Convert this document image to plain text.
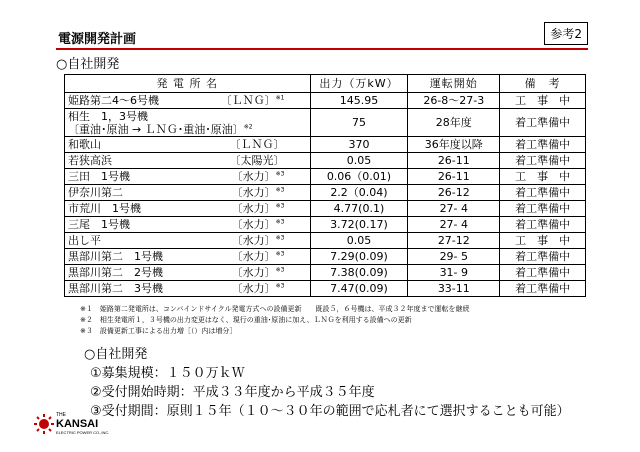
電源開発計画	参考2
○自社開発
発 電 所 名	出力（万kW）	運転開始	備　考

姫路第二4〜6号機 〔ＬＮＧ〕$^{※1}$	145.95	26-8〜27-3	工　事　中

相生　1，3号機
〔重油･原油 → ＬＮＧ･重油･原油〕$^{※2}$	75	28年度	着工準備中

和歌山 〔ＬＮＧ〕	370	36年度以降	着工準備中

若狭高浜 〔太陽光〕	0.05	26-11	着工準備中

三田　1号機 〔水力〕$^{※3}$	0.06（0.01)	26-11	工　事　中

伊奈川第二 〔水力〕$^{※3}$	2.2（0.04)	26-12	着工準備中

市荒川　1号機 〔水力〕$^{※3}$	4.77(0.1)	27- 4	着工準備中

三尾　1号機 〔水力〕$^{※3}$	3.72(0.17)	27- 4	着工準備中

出し平 〔水力〕$^{※3}$	0.05	27-12	工　事　中

黒部川第二　1号機 〔水力〕$^{※3}$	7.29(0.09)	29- 5	着工準備中

黒部川第二　2号機 〔水力〕$^{※3}$	7.38(0.09)	31- 9	着工準備中

黒部川第二　3号機 〔水力〕$^{※3}$	7.47(0.09)	33-11	着工準備中
※１　姫路第二発電所は、コンバインドサイクル発電方式への設備更新　　既設５，６号機は、平成３２年度まで運転を継続
※２　相生発電所１，３号機の出力変更はなく、現行の重油･原油に加え、ＬＮＧを利用する設備への更新
※３　設備更新工事による出力増［（）内は増分］
○自社開発
①募集規模：１５０万ｋＷ
②受付開始時期：平成３３年度から平成３５年度
③受付期間：原則１５年（１０〜３０年の範囲で応札者にて選択することも可能）
THE
KANSAI
ELECTRIC POWER CO.,INC.
